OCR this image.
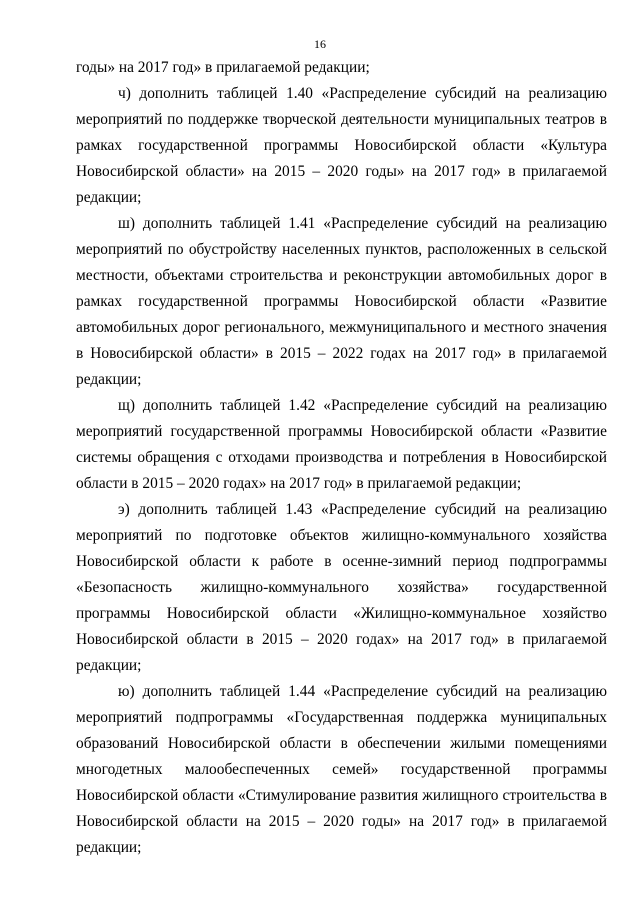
16

годы» на 2017 год» в прилагаемой редакции;

ч) дополнить таблицей 1.40 «Распределение субсидий на реализацию мероприятий по поддержке творческой деятельности муниципальных театров в рамках государственной программы Новосибирской области «Культура Новосибирской области» на 2015 – 2020 годы» на 2017 год» в прилагаемой редакции;

ш) дополнить таблицей 1.41 «Распределение субсидий на реализацию мероприятий по обустройству населенных пунктов, расположенных в сельской местности, объектами строительства и реконструкции автомобильных дорог в рамках государственной программы Новосибирской области «Развитие автомобильных дорог регионального, межмуниципального и местного значения в Новосибирской области» в 2015 – 2022 годах на 2017 год» в прилагаемой редакции;

щ) дополнить таблицей 1.42 «Распределение субсидий на реализацию мероприятий государственной программы Новосибирской области «Развитие системы обращения с отходами производства и потребления в Новосибирской области в 2015 – 2020 годах» на 2017 год» в прилагаемой редакции;

э) дополнить таблицей 1.43 «Распределение субсидий на реализацию мероприятий по подготовке объектов жилищно-коммунального хозяйства Новосибирской области к работе в осенне-зимний период подпрограммы «Безопасность жилищно-коммунального хозяйства» государственной программы Новосибирской области «Жилищно-коммунальное хозяйство Новосибирской области в 2015 – 2020 годах» на 2017 год» в прилагаемой редакции;

ю) дополнить таблицей 1.44 «Распределение субсидий на реализацию мероприятий подпрограммы «Государственная поддержка муниципальных образований Новосибирской области в обеспечении жилыми помещениями многодетных малообеспеченных семей» государственной программы Новосибирской области «Стимулирование развития жилищного строительства в Новосибирской области на 2015 – 2020 годы» на 2017 год» в прилагаемой редакции;
